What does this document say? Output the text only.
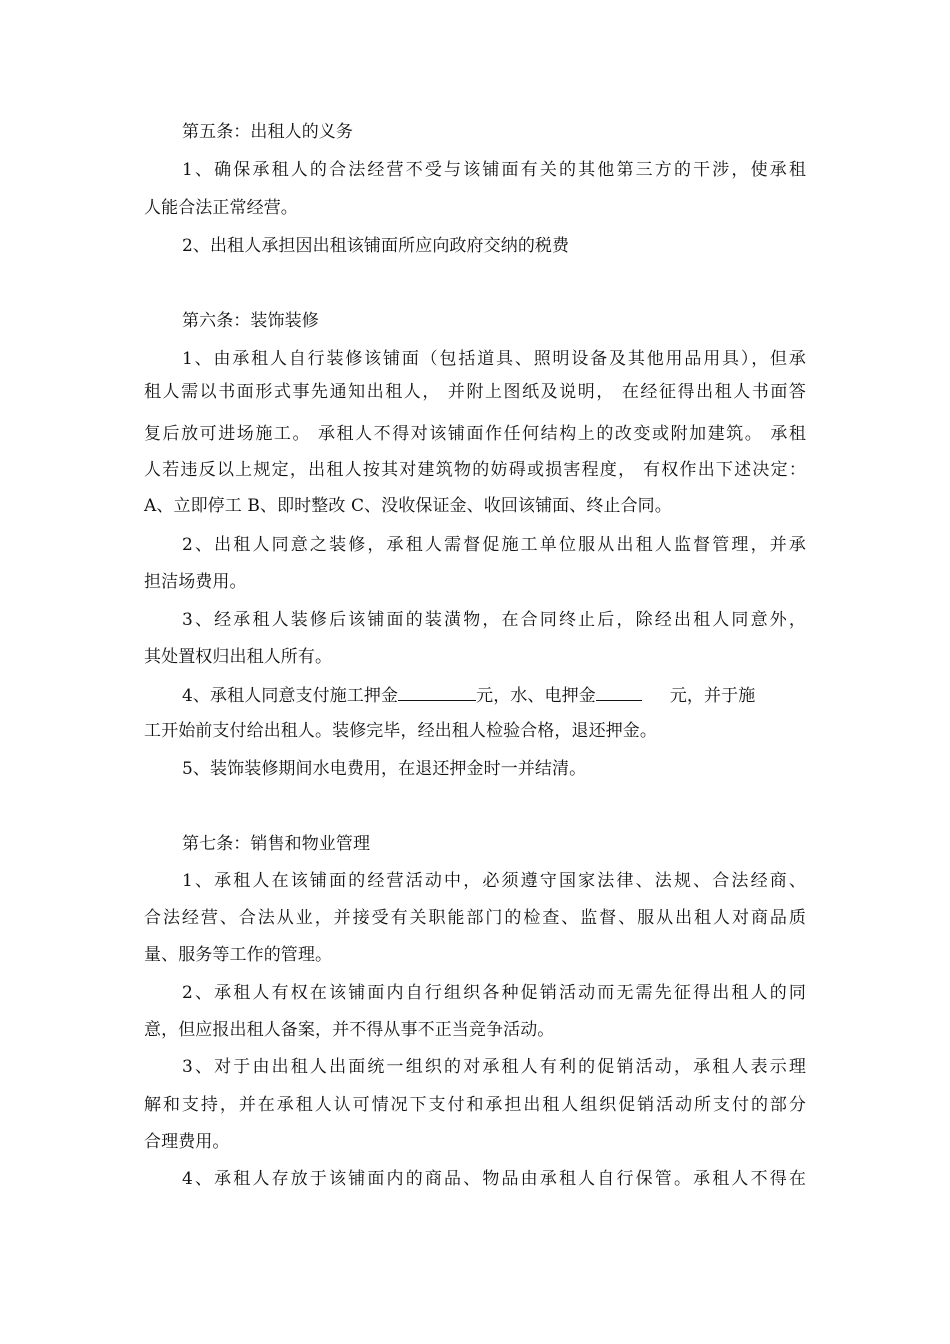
第五条：出租人的义务
1、确保承租人的合法经营不受与该铺面有关的其他第三方的干涉，使承租
人能合法正常经营。
2、出租人承担因出租该铺面所应向政府交纳的税费
第六条：装饰装修
1、由承租人自行装修该铺面（包括道具、照明设备及其他用品用具），但承
租人需以书面形式事先通知出租人， 并附上图纸及说明， 在经征得出租人书面答
复后放可进场施工。 承租人不得对该铺面作任何结构上的改变或附加建筑。 承租
人若违反以上规定，出租人按其对建筑物的妨碍或损害程度， 有权作出下述决定：
A、立即停工 B、即时整改 C、没收保证金、收回该铺面、终止合同。
2、出租人同意之装修，承租人需督促施工单位服从出租人监督管理，并承
担洁场费用。
3、经承租人装修后该铺面的装潢物，在合同终止后，除经出租人同意外，
其处置权归出租人所有。
4、承租人同意支付施工押金	元，水、电押金	元，并于施
工开始前支付给出租人。装修完毕，经出租人检验合格，退还押金。
5、装饰装修期间水电费用，在退还押金时一并结清。
第七条：销售和物业管理
1、承租人在该铺面的经营活动中，必须遵守国家法律、法规、合法经商、
合法经营、合法从业，并接受有关职能部门的检查、监督、服从出租人对商品质
量、服务等工作的管理。
2、承租人有权在该铺面内自行组织各种促销活动而无需先征得出租人的同
意，但应报出租人备案，并不得从事不正当竞争活动。
3、对于由出租人出面统一组织的对承租人有利的促销活动，承租人表示理
解和支持，并在承租人认可情况下支付和承担出租人组织促销活动所支付的部分
合理费用。
4、承租人存放于该铺面内的商品、物品由承租人自行保管。承租人不得在
